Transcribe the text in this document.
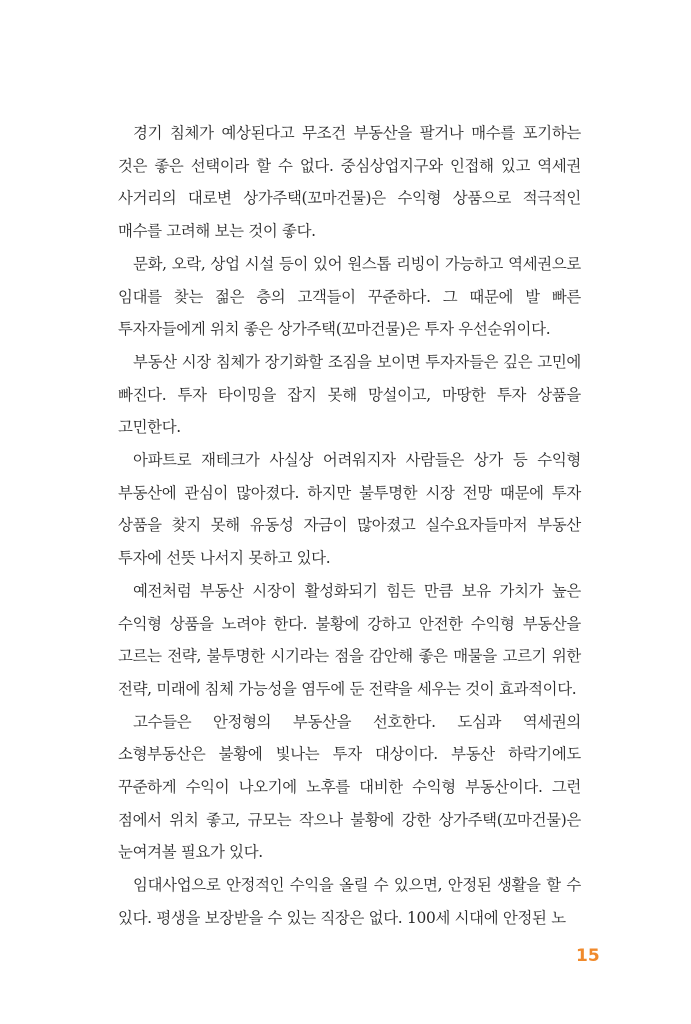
경기 침체가 예상된다고 무조건 부동산을 팔거나 매수를 포기하는 것은 좋은 선택이라 할 수 없다. 중심상업지구와 인접해 있고 역세권 사거리의 대로변 상가주택(꼬마건물)은 수익형 상품으로 적극적인 매수를 고려해 보는 것이 좋다.

문화, 오락, 상업 시설 등이 있어 원스톱 리빙이 가능하고 역세권으로 임대를 찾는 젊은 층의 고객들이 꾸준하다. 그 때문에 발 빠른 투자자들에게 위치 좋은 상가주택(꼬마건물)은 투자 우선순위이다.

부동산 시장 침체가 장기화할 조짐을 보이면 투자자들은 깊은 고민에 빠진다. 투자 타이밍을 잡지 못해 망설이고, 마땅한 투자 상품을 고민한다.

아파트로 재테크가 사실상 어려워지자 사람들은 상가 등 수익형 부동산에 관심이 많아졌다. 하지만 불투명한 시장 전망 때문에 투자 상품을 찾지 못해 유동성 자금이 많아졌고 실수요자들마저 부동산 투자에 선뜻 나서지 못하고 있다.

예전처럼 부동산 시장이 활성화되기 힘든 만큼 보유 가치가 높은 수익형 상품을 노려야 한다. 불황에 강하고 안전한 수익형 부동산을 고르는 전략, 불투명한 시기라는 점을 감안해 좋은 매물을 고르기 위한 전략, 미래에 침체 가능성을 염두에 둔 전략을 세우는 것이 효과적이다.

고수들은 안정형의 부동산을 선호한다. 도심과 역세권의 소형부동산은 불황에 빛나는 투자 대상이다. 부동산 하락기에도 꾸준하게 수익이 나오기에 노후를 대비한 수익형 부동산이다. 그런 점에서 위치 좋고, 규모는 작으나 불황에 강한 상가주택(꼬마건물)은 눈여겨볼 필요가 있다.

임대사업으로 안정적인 수익을 올릴 수 있으면, 안정된 생활을 할 수 있다. 평생을 보장받을 수 있는 직장은 없다. 100세 시대에 안정된 노

15
